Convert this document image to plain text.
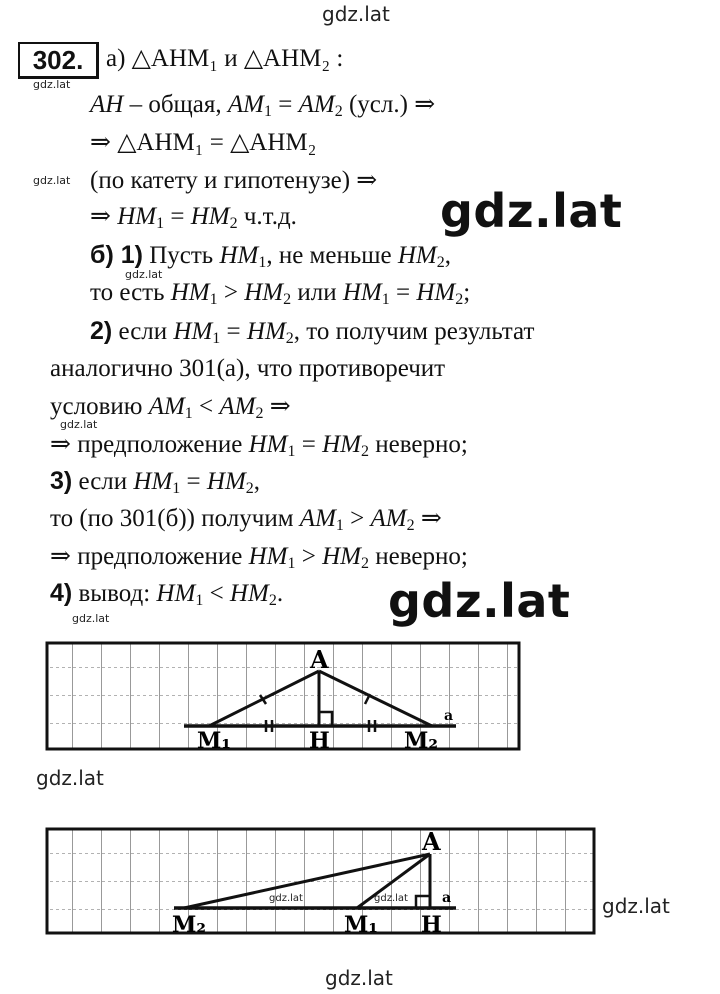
gdz.lat
gdz.lat
gdz.lat
gdz.lat
gdz.lat
gdz.lat
gdz.lat
gdz.lat
gdz.lat
gdz.lat
gdz.lat
302. а) △AHM₁ и △AHM₂ :
AH – общая, $AM_1 = AM_2$ (усл.) ⇒
⇒ △AHM₁ = △AHM₂
(по катету и гипотенузе) ⇒
⇒ $HM_1 = HM_2$ ч.т.д.
б) 1) Пусть $HM_1$, не меньше $HM_2$,
то есть $HM_1 > HM_2$ или $HM_1 = HM_2$;
2) если $HM_1 = HM_2$, то получим результат
аналогично 301(а), что противоречит
условию $AM_1 < AM_2$ ⇒
⇒ предположение $HM_1 = HM_2$ неверно;
3) если $HM_1 = HM_2$,
то (по 301(б)) получим $AM_1 > AM_2$ ⇒
⇒ предположение $HM_1 > HM_2$ неверно;
4) вывод: $HM_1 < HM_2$.
A
M₁	H	M₂
a
gdz.lat	gdz.lat
A
M₂	M₁ H
a
